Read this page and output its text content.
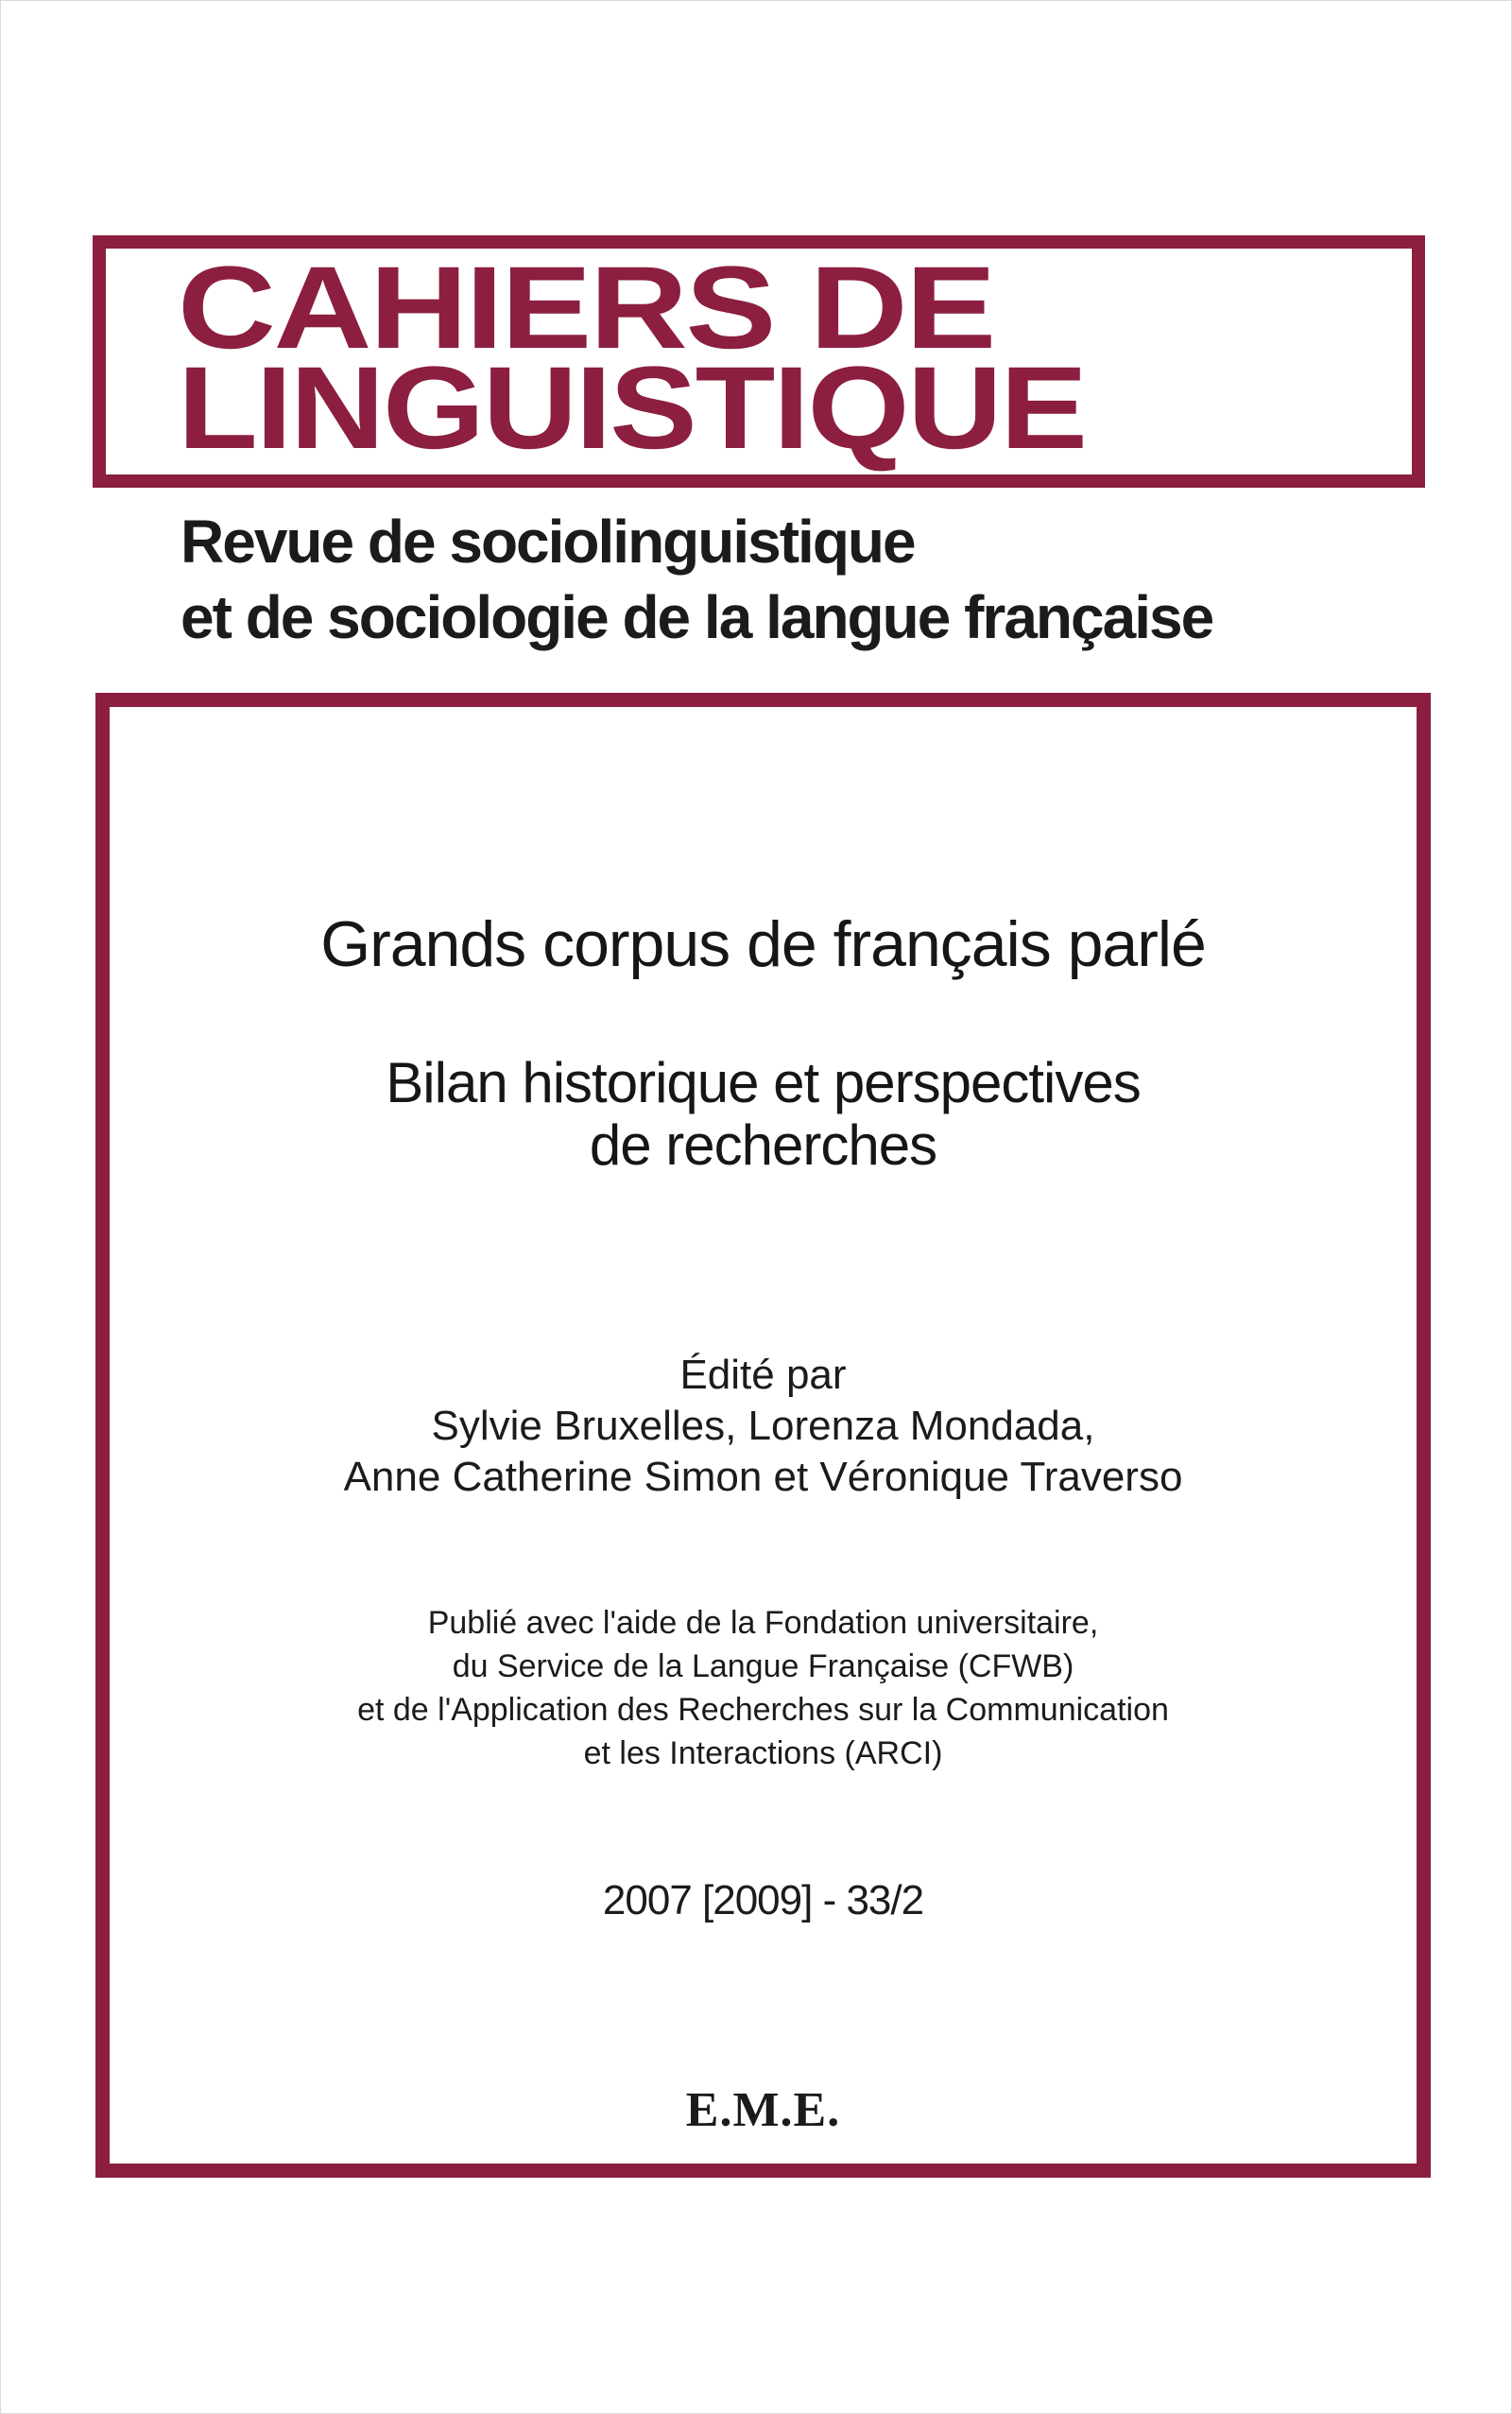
CAHIERS DE
LINGUISTIQUE
Revue de sociolinguistique
et de sociologie de la langue française
Grands corpus de français parlé
Bilan historique et perspectives
de recherches
Édité par
Sylvie Bruxelles, Lorenza Mondada,
Anne Catherine Simon et Véronique Traverso
Publié avec l'aide de la Fondation universitaire,
du Service de la Langue Française (CFWB)
et de l'Application des Recherches sur la Communication
et les Interactions (ARCI)
2007 [2009] - 33/2
E.M.E.
